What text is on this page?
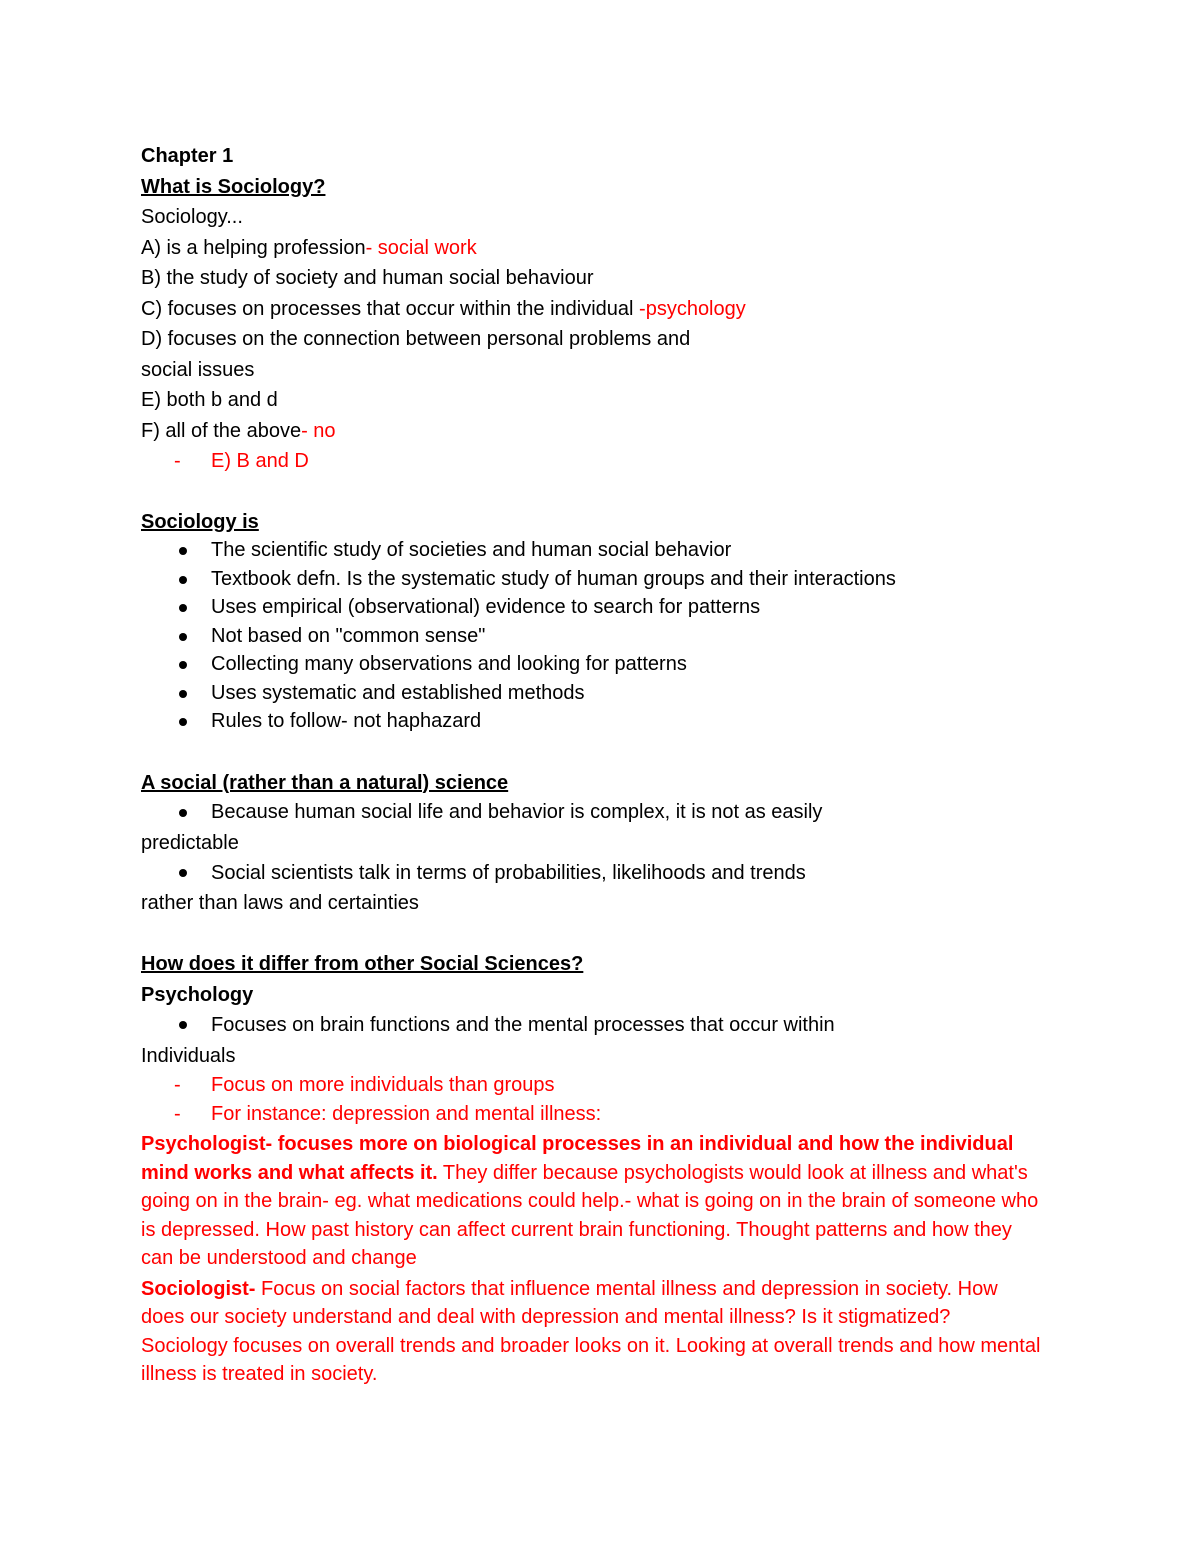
Chapter 1
What is Sociology?
Sociology...
A) is a helping profession- social work
B) the study of society and human social behaviour
C) focuses on processes that occur within the individual -psychology
D) focuses on the connection between personal problems and
social issues
E) both b and d
F) all of the above- no
- E) B and D
Sociology is
The scientific study of societies and human social behavior
Textbook defn. Is the systematic study of human groups and their interactions
Uses empirical (observational) evidence to search for patterns
Not based on "common sense"
Collecting many observations and looking for patterns
Uses systematic and established methods
Rules to follow- not haphazard
A social (rather than a natural) science
Because human social life and behavior is complex, it is not as easily
predictable
Social scientists talk in terms of probabilities, likelihoods and trends
rather than laws and certainties
How does it differ from other Social Sciences?
Psychology
Focuses on brain functions and the mental processes that occur within
Individuals
- Focus on more individuals than groups
- For instance: depression and mental illness:
Psychologist- focuses more on biological processes in an individual and how the individual mind works and what affects it. They differ because psychologists would look at illness and what's going on in the brain- eg. what medications could help.- what is going on in the brain of someone who is depressed. How past history can affect current brain functioning. Thought patterns and how they can be understood and change
Sociologist- Focus on social factors that influence mental illness and depression in society. How does our society understand and deal with depression and mental illness? Is it stigmatized? Sociology focuses on overall trends and broader looks on it. Looking at overall trends and how mental illness is treated in society.
